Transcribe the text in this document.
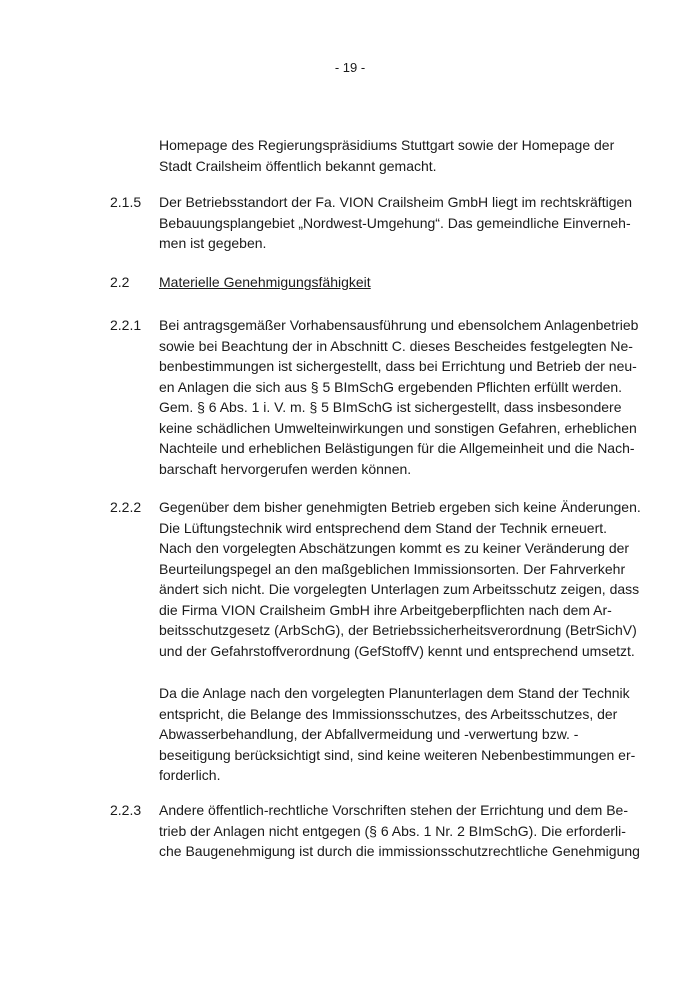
- 19 -
Homepage des Regierungspräsidiums Stuttgart sowie der Homepage der
Stadt Crailsheim öffentlich bekannt gemacht.
2.1.5 Der Betriebsstandort der Fa. VION Crailsheim GmbH liegt im rechtskräftigen
Bebauungsplangebiet „Nordwest-Umgehung“. Das gemeindliche Einverneh-
men ist gegeben.
2.2 Materielle Genehmigungsfähigkeit
2.2.1 Bei antragsgemäßer Vorhabensausführung und ebensolchem Anlagenbetrieb
sowie bei Beachtung der in Abschnitt C. dieses Bescheides festgelegten Ne-
benbestimmungen ist sichergestellt, dass bei Errichtung und Betrieb der neu-
en Anlagen die sich aus § 5 BImSchG ergebenden Pflichten erfüllt werden.
Gem. § 6 Abs. 1 i. V. m. § 5 BImSchG ist sichergestellt, dass insbesondere
keine schädlichen Umwelteinwirkungen und sonstigen Gefahren, erheblichen
Nachteile und erheblichen Belästigungen für die Allgemeinheit und die Nach-
barschaft hervorgerufen werden können.
2.2.2 Gegenüber dem bisher genehmigten Betrieb ergeben sich keine Änderungen.
Die Lüftungstechnik wird entsprechend dem Stand der Technik erneuert.
Nach den vorgelegten Abschätzungen kommt es zu keiner Veränderung der
Beurteilungspegel an den maßgeblichen Immissionsorten. Der Fahrverkehr
ändert sich nicht. Die vorgelegten Unterlagen zum Arbeitsschutz zeigen, dass
die Firma VION Crailsheim GmbH ihre Arbeitgeberpflichten nach dem Ar-
beitsschutzgesetz (ArbSchG), der Betriebssicherheitsverordnung (BetrSichV)
und der Gefahrstoffverordnung (GefStoffV) kennt und entsprechend umsetzt.
Da die Anlage nach den vorgelegten Planunterlagen dem Stand der Technik
entspricht, die Belange des Immissionsschutzes, des Arbeitsschutzes, der
Abwasserbehandlung, der Abfallvermeidung und -verwertung bzw. -
beseitigung berücksichtigt sind, sind keine weiteren Nebenbestimmungen er-
forderlich.
2.2.3 Andere öffentlich-rechtliche Vorschriften stehen der Errichtung und dem Be-
trieb der Anlagen nicht entgegen (§ 6 Abs. 1 Nr. 2 BImSchG). Die erforderli-
che Baugenehmigung ist durch die immissionsschutzrechtliche Genehmigung
